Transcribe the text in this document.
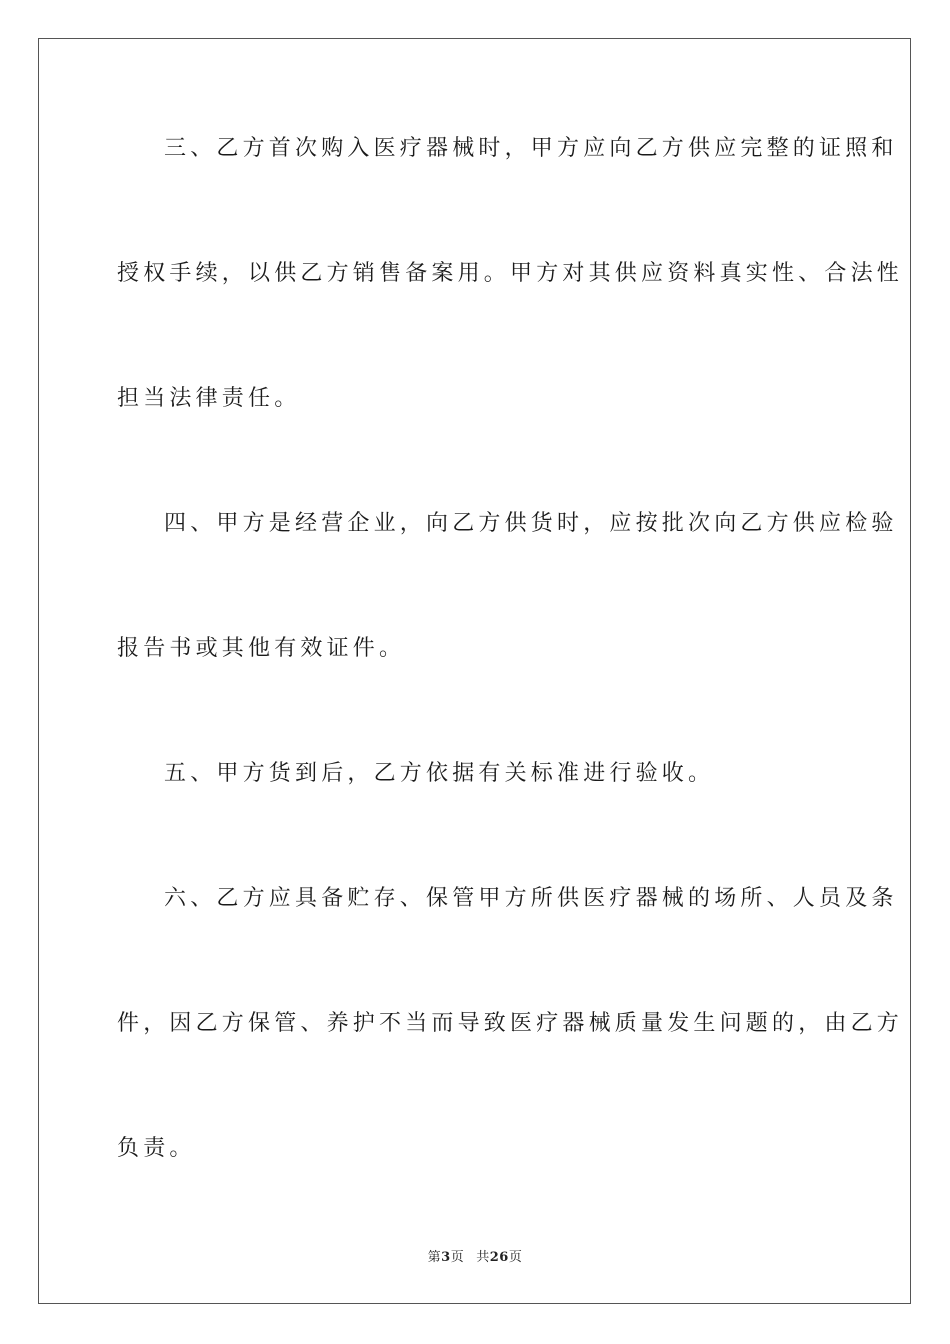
三、乙方首次购入医疗器械时，甲方应向乙方供应完整的证照和
授权手续，以供乙方销售备案用。甲方对其供应资料真实性、合法性
担当法律责任。
四、甲方是经营企业，向乙方供货时，应按批次向乙方供应检验
报告书或其他有效证件。
五、甲方货到后，乙方依据有关标准进行验收。
六、乙方应具备贮存、保管甲方所供医疗器械的场所、人员及条
件，因乙方保管、养护不当而导致医疗器械质量发生问题的，由乙方
负责。
第3页 共26页
